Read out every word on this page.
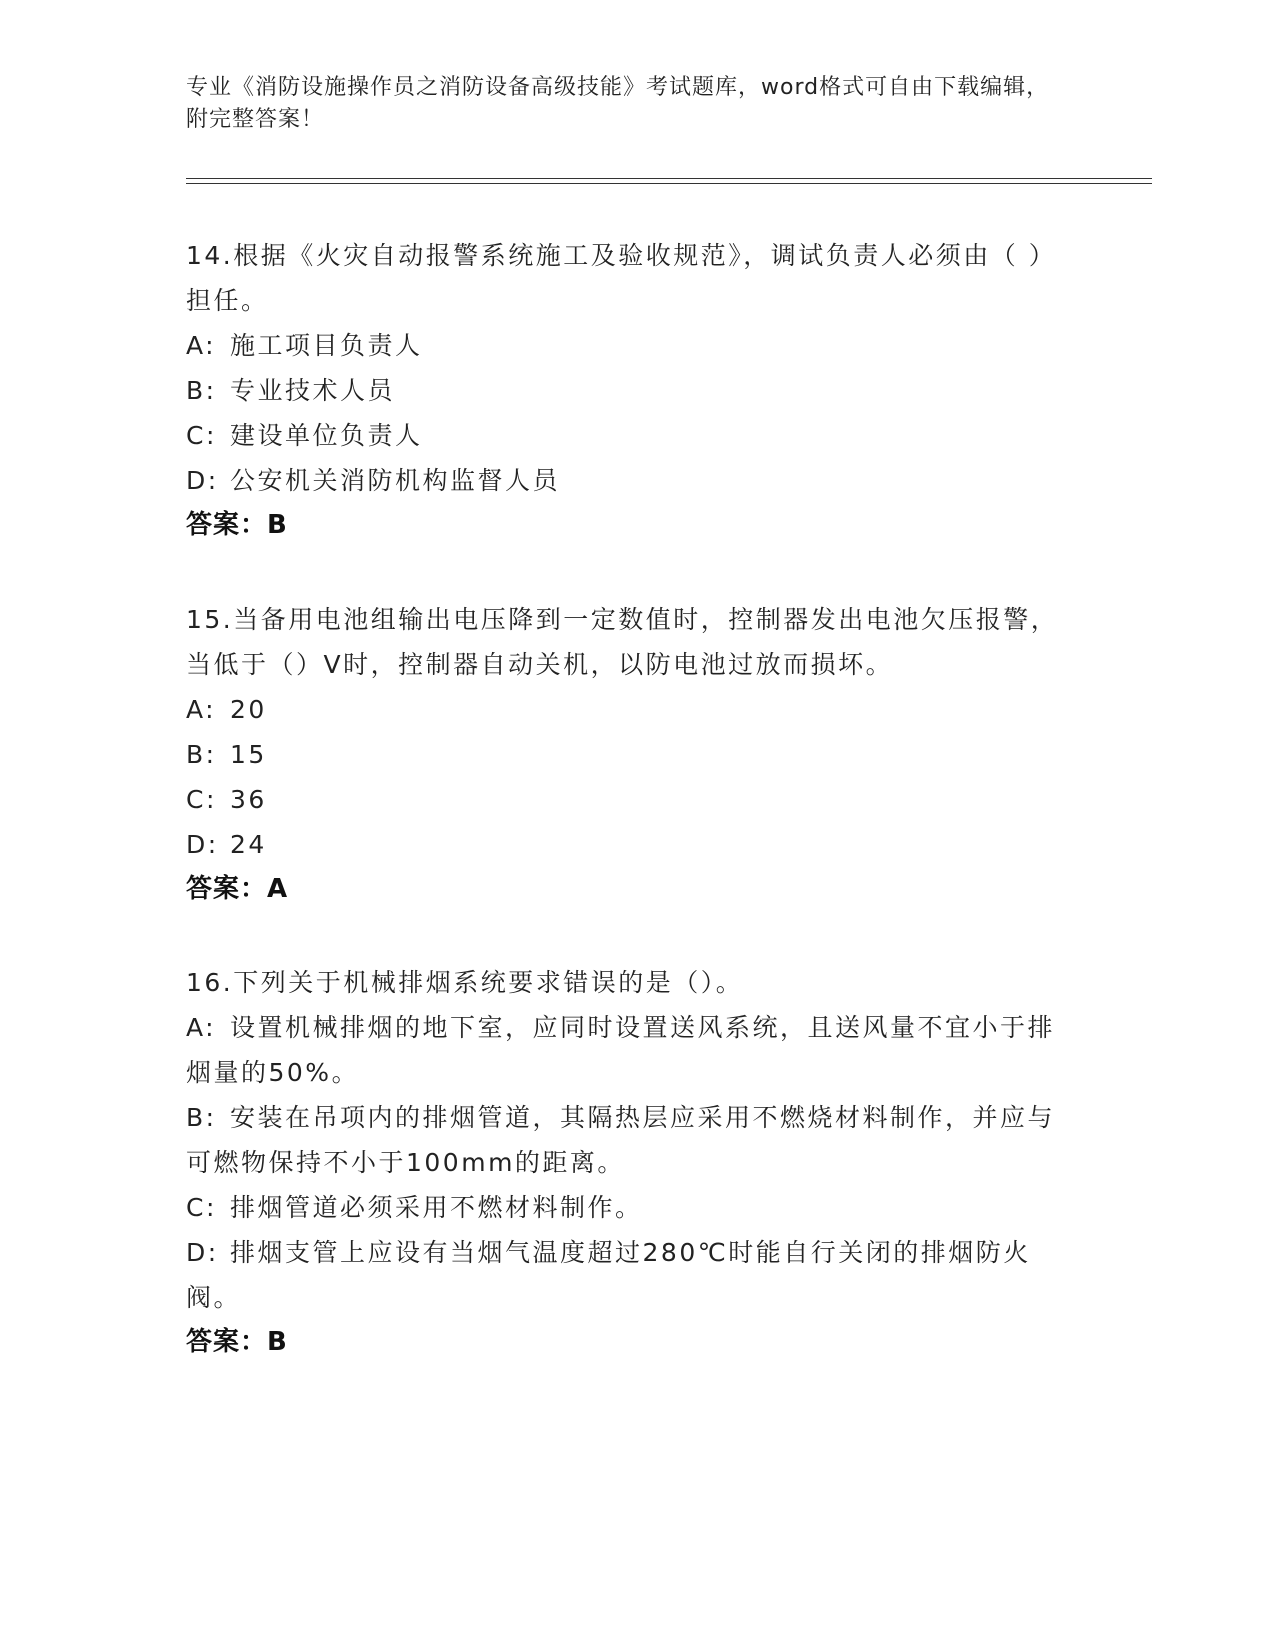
专业《消防设施操作员之消防设备高级技能》考试题库，word格式可自由下载编辑，附完整答案！

14.根据《火灾自动报警系统施工及验收规范》，调试负责人必须由（ ）担任。

A: 施工项目负责人

B: 专业技术人员

C: 建设单位负责人

D: 公安机关消防机构监督人员

答案：B

15.当备用电池组输出电压降到一定数值时，控制器发出电池欠压报警，当低于（）V时，控制器自动关机，以防电池过放而损坏。

A: 20

B: 15

C: 36

D: 24

答案：A

16.下列关于机械排烟系统要求错误的是（）。

A: 设置机械排烟的地下室，应同时设置送风系统，且送风量不宜小于排烟量的50%。

B: 安装在吊项内的排烟管道，其隔热层应采用不燃烧材料制作，并应与可燃物保持不小于100mm的距离。

C: 排烟管道必须采用不燃材料制作。

D: 排烟支管上应设有当烟气温度超过280℃时能自行关闭的排烟防火阀。

答案：B
